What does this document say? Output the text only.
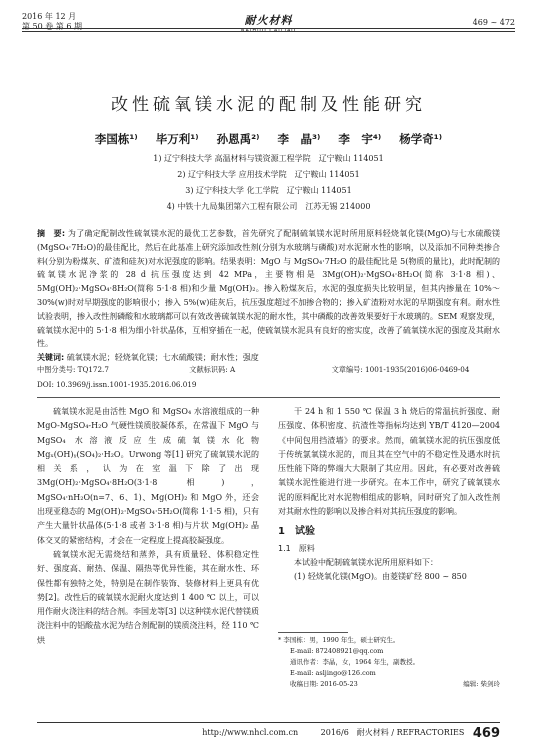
2016 年 12 月
第 50 卷 第 6 期	耐火材料
NAIHUO CAILIAO
469 ~ 472
改性硫氧镁水泥的配制及性能研究
李国栋¹⁾ 毕万利¹⁾ 孙恩禹²⁾ 李　晶³⁾ 李　宇⁴⁾ 杨学奇¹⁾
1) 辽宁科技大学 高温材料与镁资源工程学院　辽宁鞍山 114051
2) 辽宁科技大学 应用技术学院　辽宁鞍山 114051
3) 辽宁科技大学 化工学院　辽宁鞍山 114051
4) 中铁十九局集团第六工程有限公司　江苏无锡 214000
摘　要: 为了确定配制改性硫氧镁水泥的最优工艺参数，首先研究了配制硫氧镁水泥时所用原料轻烧氧化镁(MgO)与七水硫酸镁(MgSO₄·7H₂O)的最佳配比，然后在此基准上研究添加改性剂(分别为水玻璃与磷酸)对水泥耐水性的影响，以及添加不同种类掺合料(分别为粉煤灰、矿渣和硅灰)对水泥强度的影响。结果表明：MgO 与 MgSO₄·7H₂O 的最佳配比是 5(物质的量比)，此时配制的硫氧镁水泥净浆的 28 d 抗压强度达到 42 MPa，主要物相是 3Mg(OH)₂·MgSO₄·8H₂O(简称 3·1·8 相)、5Mg(OH)₂·MgSO₄·8H₂O(简称 5·1·8 相)和少量 Mg(OH)₂。掺入粉煤灰后，水泥的强度损失比较明显，但其内掺量在 10%～30%(w)时对早期强度的影响很小；掺入 5%(w)硅灰后，抗压强度超过不加掺合物的；掺入矿渣粉对水泥的早期强度有利。耐水性试验表明，掺入改性剂磷酸和水玻璃都可以有效改善硫氧镁水泥的耐水性，其中磷酸的改善效果要好于水玻璃的。SEM 观察发现，硫氧镁水泥中的 5·1·8 相为细小针状晶体，互相穿插在一起，使硫氧镁水泥具有良好的密实度，改善了硫氧镁水泥的强度及其耐水性。
关键词: 硫氧镁水泥；轻烧氧化镁；七水硫酸镁；耐水性；强度
中图分类号: TQ172.7	文献标识码: A	文章编号: 1001-1935(2016)06-0469-04
DOI: 10.3969/j.issn.1001-1935.2016.06.019

硫氧镁水泥是由活性 MgO 和 MgSO₄ 水溶液组成的一种 MgO-MgSO₄-H₂O 气硬性镁质胶凝体系，在常温下 MgO 与 MgSO₄ 水溶液反应生成硫氧镁水化物 Mgₓ(OH)ᵧ(SO₄)₂·H₂O。Urwong 等[1] 研究了硫氧镁水泥的相关系，认为在室温下除了出现 3Mg(OH)₂·MgSO₄·8H₂O(3·1·8 相)，MgSO₄·nH₂O(n=7、6、1)、Mg(OH)₂ 和 MgO 外，还会出现亚稳态的 Mg(OH)₂·MgSO₄·5H₂O(简称 1·1·5 相)，只有产生大量针状晶体(5·1·8 或者 3·1·8 相)与片状 Mg(OH)₂ 晶体交叉的紧密结构，才会在一定程度上提高胶凝强度。

硫氧镁水泥无需烧结和蒸养，具有质量轻、体积稳定性好、强度高、耐热、保温、隔热等优异性能，其在耐水性、环保性都有独特之处，特别是在制作装饰、装修材料上更具有优势[2]。改性后的硫氧镁水泥耐火度达到 1 400 ℃ 以上，可以用作耐火浇注料的结合剂。李国龙等[3] 以这种镁水泥代替镁质浇注料中的铝酸盐水泥为结合剂配制的镁质浇注料，经 110 ℃ 烘

干 24 h 和 1 550 ℃ 保温 3 h 烧后的常温抗折强度、耐压强度、体积密度、抗渣性等指标均达到 YB/T 4120—2004《中间包用挡渣墙》的要求。然而，硫氧镁水泥的抗压强度低于传统氯氧镁水泥的，而且其在空气中的不稳定性及遇水时抗压性能下降的弊端大大限制了其应用。因此，有必要对改善硫氧镁水泥性能进行进一步研究。在本工作中，研究了硫氧镁水泥的原料配比对水泥物相组成的影响，同时研究了加入改性剂对其耐水性的影响以及掺合料对其抗压强度的影响。

1　试验
1.1　原料

本试验中配制硫氧镁水泥所用原料如下：

(1) 轻烧氧化镁(MgO)。由菱镁矿经 800 ~ 850

* 李国栋：男，1990 年生，硕士研究生。
E-mail: 872408921@qq.com
通讯作者：李晶，女，1964 年生，副教授。
E-mail: asljingo@126.com
收稿日期: 2016-05-23	编辑: 柴剑玲
http://www.nhcl.com.cn	2016/6　耐火材料 / REFRACTORIES 469
